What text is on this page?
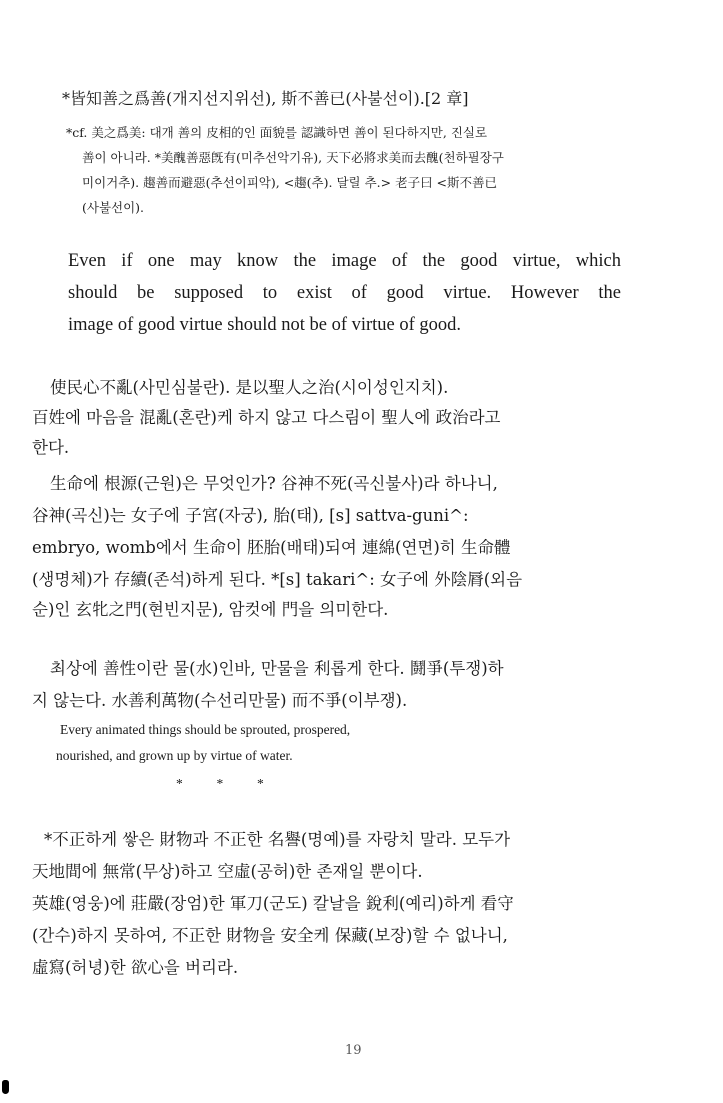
*皆知善之爲善(개지선지위선), 斯不善已(사불선이).[2 章]

*cf. 美之爲美: 대개 善의 皮相的인 面貌를 認識하면 善이 된다하지만, 진실로

善이 아니라. *美醜善惡旣有(미추선악기유), 天下必將求美而去醜(천하필장구

미이거추). 趨善而避惡(추선이피악), <趨(추). 달릴 추.> 老子曰 <斯不善已

(사불선이).

Even if one may know the image of the good virtue, which

should be supposed to exist of good virtue. However the

image of good virtue should not be of virtue of good.

使民心不亂(사민심불란). 是以聖人之治(시이성인지치).

百姓에 마음을 混亂(혼란)케 하지 않고 다스림이 聖人에 政治라고

한다.

生命에 根源(근원)은 무엇인가? 谷神不死(곡신불사)라 하나니,

谷神(곡신)는 女子에 子宮(자궁), 胎(태), [s] sattva-guni^:

embryo, womb에서 生命이 胚胎(배태)되여 連綿(연면)히 生命體

(생명체)가 存續(존석)하게 된다. *[s] takari^: 女子에 外陰脣(외음

순)인 玄牝之門(현빈지문), 암컷에 門을 의미한다.

최상에 善性이란 물(水)인바, 만물을 利롭게 한다. 鬪爭(투쟁)하

지 않는다. 水善利萬物(수선리만물) 而不爭(이부쟁).

Every animated things should be sprouted, prospered,

nourished, and grown up by virtue of water.

*          *          *

*不正하게 쌓은 財物과 不正한 名譽(명예)를 자랑치 말라. 모두가

天地間에 無常(무상)하고 空虛(공허)한 존재일 뿐이다.

英雄(영웅)에 莊嚴(장엄)한 軍刀(군도) 칼날을 銳利(예리)하게 看守

(간수)하지 못하여, 不正한 財物을 安全케 保藏(보장)할 수 없나니,

虛寫(허녕)한 欲心을 버리라.

19
